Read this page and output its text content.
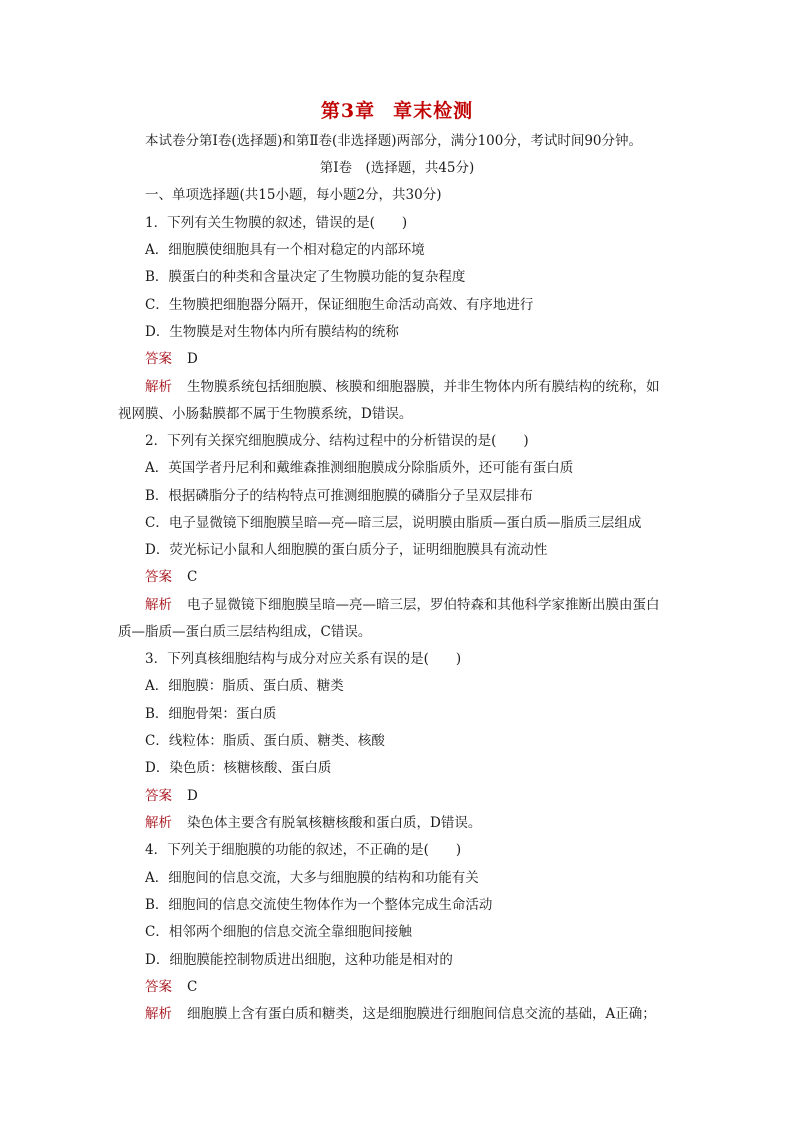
第3章 章末检测
本试卷分第Ⅰ卷(选择题)和第Ⅱ卷(非选择题)两部分，满分100分，考试时间90分钟。
第Ⅰ卷　(选择题，共45分)
一、单项选择题(共15小题，每小题2分，共30分)
1．下列有关生物膜的叙述，错误的是(　　)
A．细胞膜使细胞具有一个相对稳定的内部环境
B．膜蛋白的种类和含量决定了生物膜功能的复杂程度
C．生物膜把细胞器分隔开，保证细胞生命活动高效、有序地进行
D．生物膜是对生物体内所有膜结构的统称
答案 D
解析 生物膜系统包括细胞膜、核膜和细胞器膜，并非生物体内所有膜结构的统称，如
视网膜、小肠黏膜都不属于生物膜系统，D错误。
2．下列有关探究细胞膜成分、结构过程中的分析错误的是(　　)
A．英国学者丹尼利和戴维森推测细胞膜成分除脂质外，还可能有蛋白质
B．根据磷脂分子的结构特点可推测细胞膜的磷脂分子呈双层排布
C．电子显微镜下细胞膜呈暗—亮—暗三层，说明膜由脂质—蛋白质—脂质三层组成
D．荧光标记小鼠和人细胞膜的蛋白质分子，证明细胞膜具有流动性
答案 C
解析 电子显微镜下细胞膜呈暗—亮—暗三层，罗伯特森和其他科学家推断出膜由蛋白
质—脂质—蛋白质三层结构组成，C错误。
3．下列真核细胞结构与成分对应关系有误的是(　　)
A．细胞膜：脂质、蛋白质、糖类
B．细胞骨架：蛋白质
C．线粒体：脂质、蛋白质、糖类、核酸
D．染色质：核糖核酸、蛋白质
答案 D
解析 染色体主要含有脱氧核糖核酸和蛋白质，D错误。
4．下列关于细胞膜的功能的叙述，不正确的是(　　)
A．细胞间的信息交流，大多与细胞膜的结构和功能有关
B．细胞间的信息交流使生物体作为一个整体完成生命活动
C．相邻两个细胞的信息交流全靠细胞间接触
D．细胞膜能控制物质进出细胞，这种功能是相对的
答案 C
解析 细胞膜上含有蛋白质和糖类，这是细胞膜进行细胞间信息交流的基础，A正确；
